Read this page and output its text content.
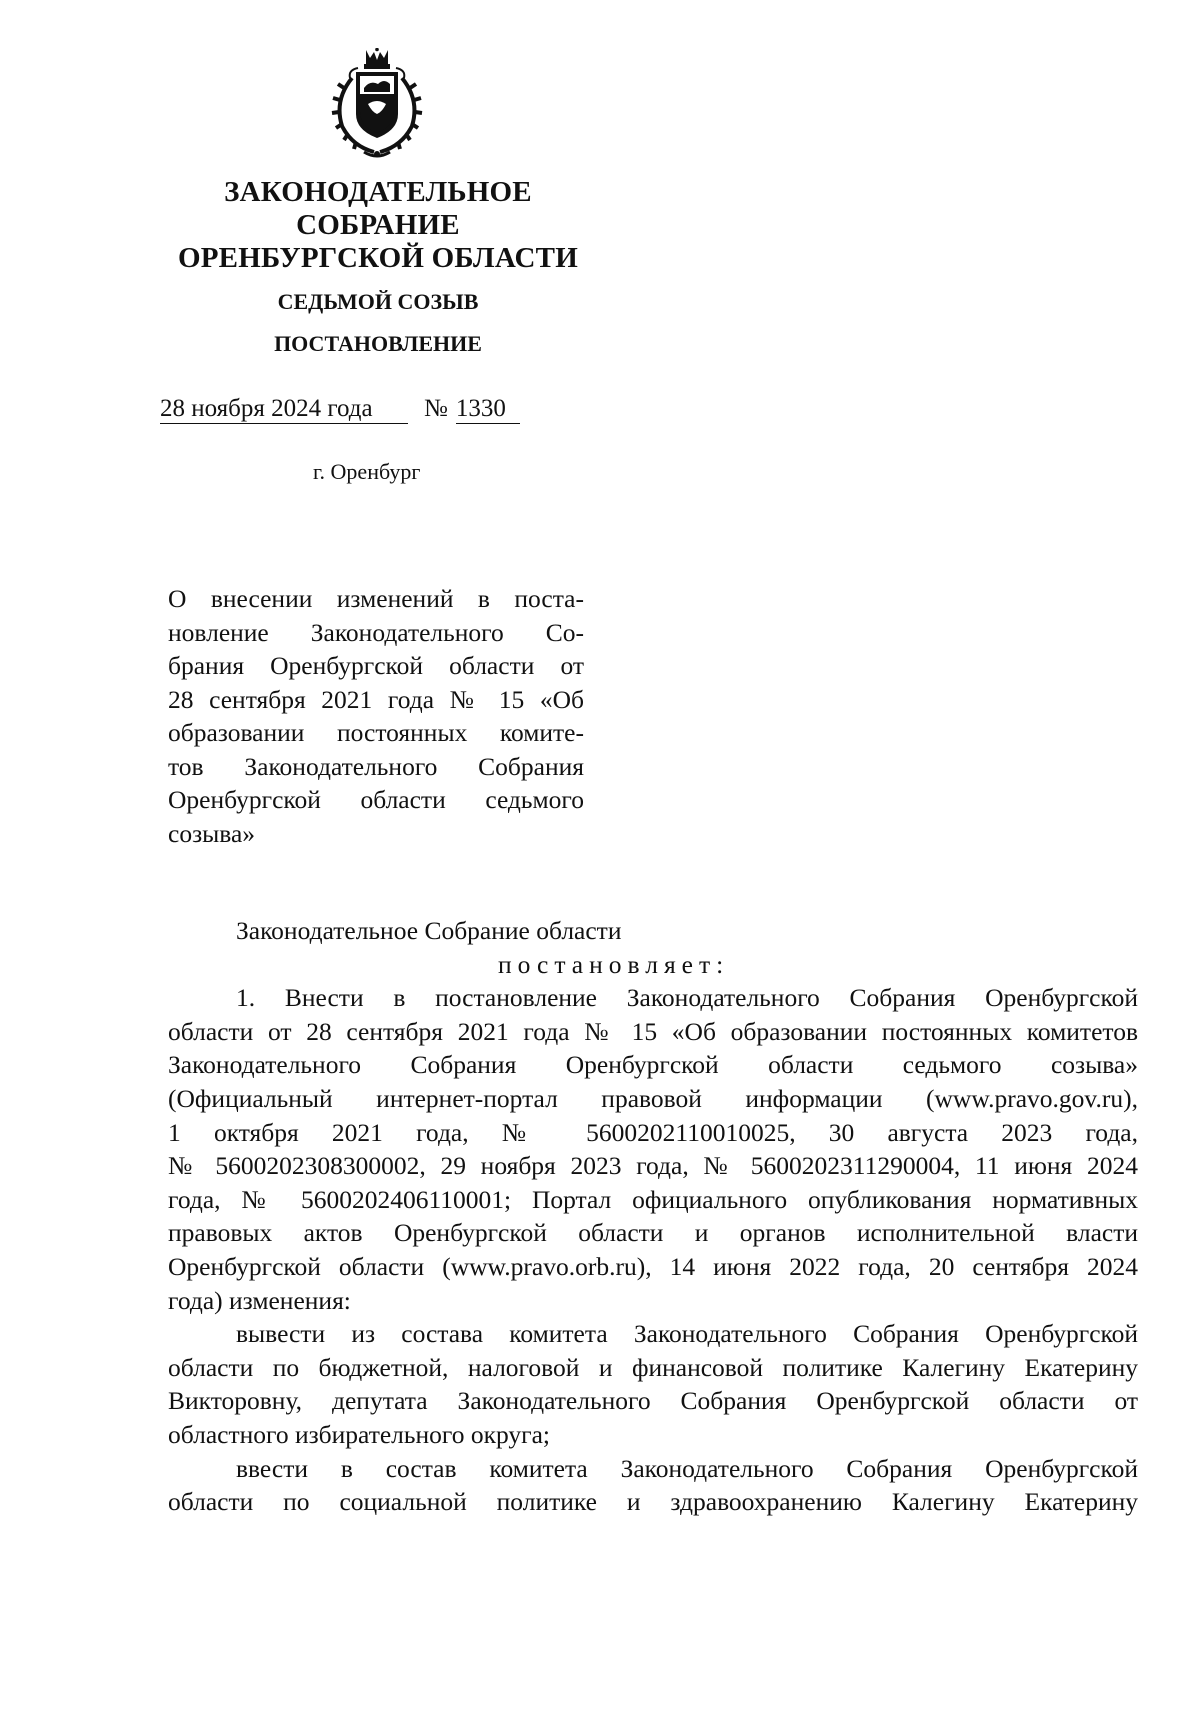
ЗАКОНОДАТЕЛЬНОЕ
СОБРАНИЕ
ОРЕНБУРГСКОЙ ОБЛАСТИ
СЕДЬМОЙ СОЗЫВ
ПОСТАНОВЛЕНИЕ
28 ноября 2024 года № 1330
г. Оренбург
О внесении изменений в поста-
новление Законодательного Со-
брания Оренбургской области от
28 сентября 2021 года № 15 «Об
образовании постоянных комите-
тов Законодательного Собрания
Оренбургской области седьмого
созыва»
Законодательное Собрание области
постановляет:
1. Внести в постановление Законодательного Собрания Оренбургской
области от 28 сентября 2021 года № 15 «Об образовании постоянных комитетов
Законодательного Собрания Оренбургской области седьмого созыва»
(Официальный интернет-портал правовой информации (www.pravo.gov.ru),
1 октября 2021 года, № 5600202110010025, 30 августа 2023 года,
№ 5600202308300002, 29 ноября 2023 года, № 5600202311290004, 11 июня 2024
года, № 5600202406110001; Портал официального опубликования нормативных
правовых актов Оренбургской области и органов исполнительной власти
Оренбургской области (www.pravo.orb.ru), 14 июня 2022 года, 20 сентября 2024
года) изменения:
вывести из состава комитета Законодательного Собрания Оренбургской
области по бюджетной, налоговой и финансовой политике Калегину Екатерину
Викторовну, депутата Законодательного Собрания Оренбургской области от
областного избирательного округа;
ввести в состав комитета Законодательного Собрания Оренбургской
области по социальной политике и здравоохранению Калегину Екатерину
